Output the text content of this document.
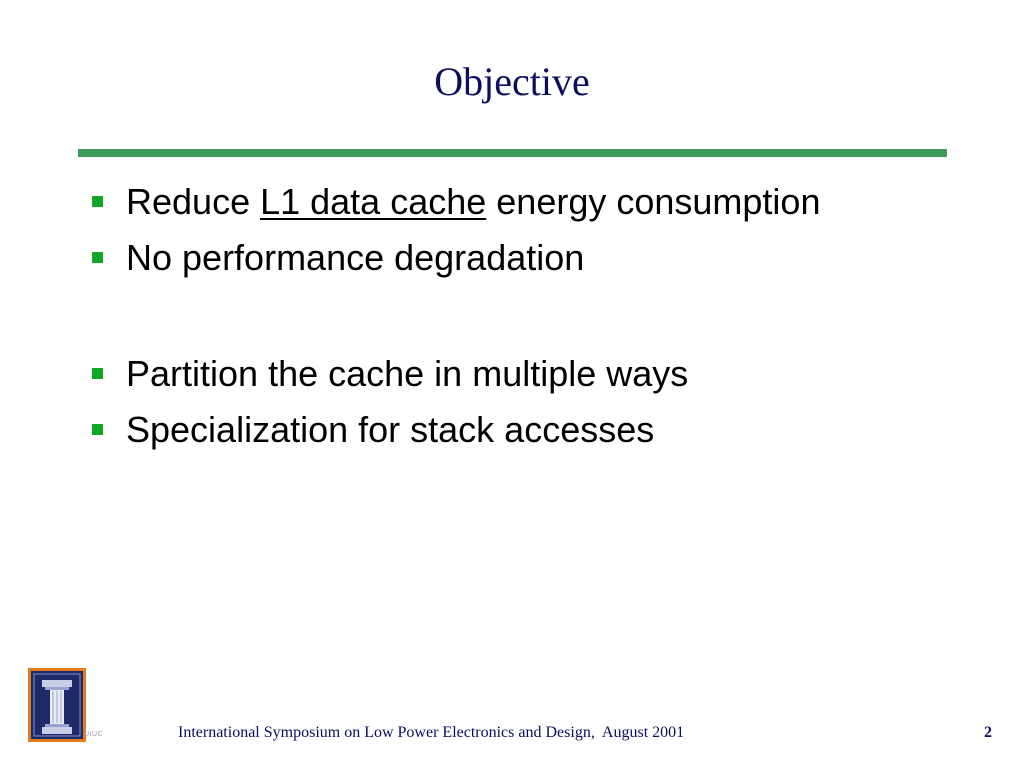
Objective
Reduce L1 data cache energy consumption
No performance degradation
Partition the cache in multiple ways
Specialization for stack accesses
UIUC	International Symposium on Low Power Electronics and Design,  August 2001	2
